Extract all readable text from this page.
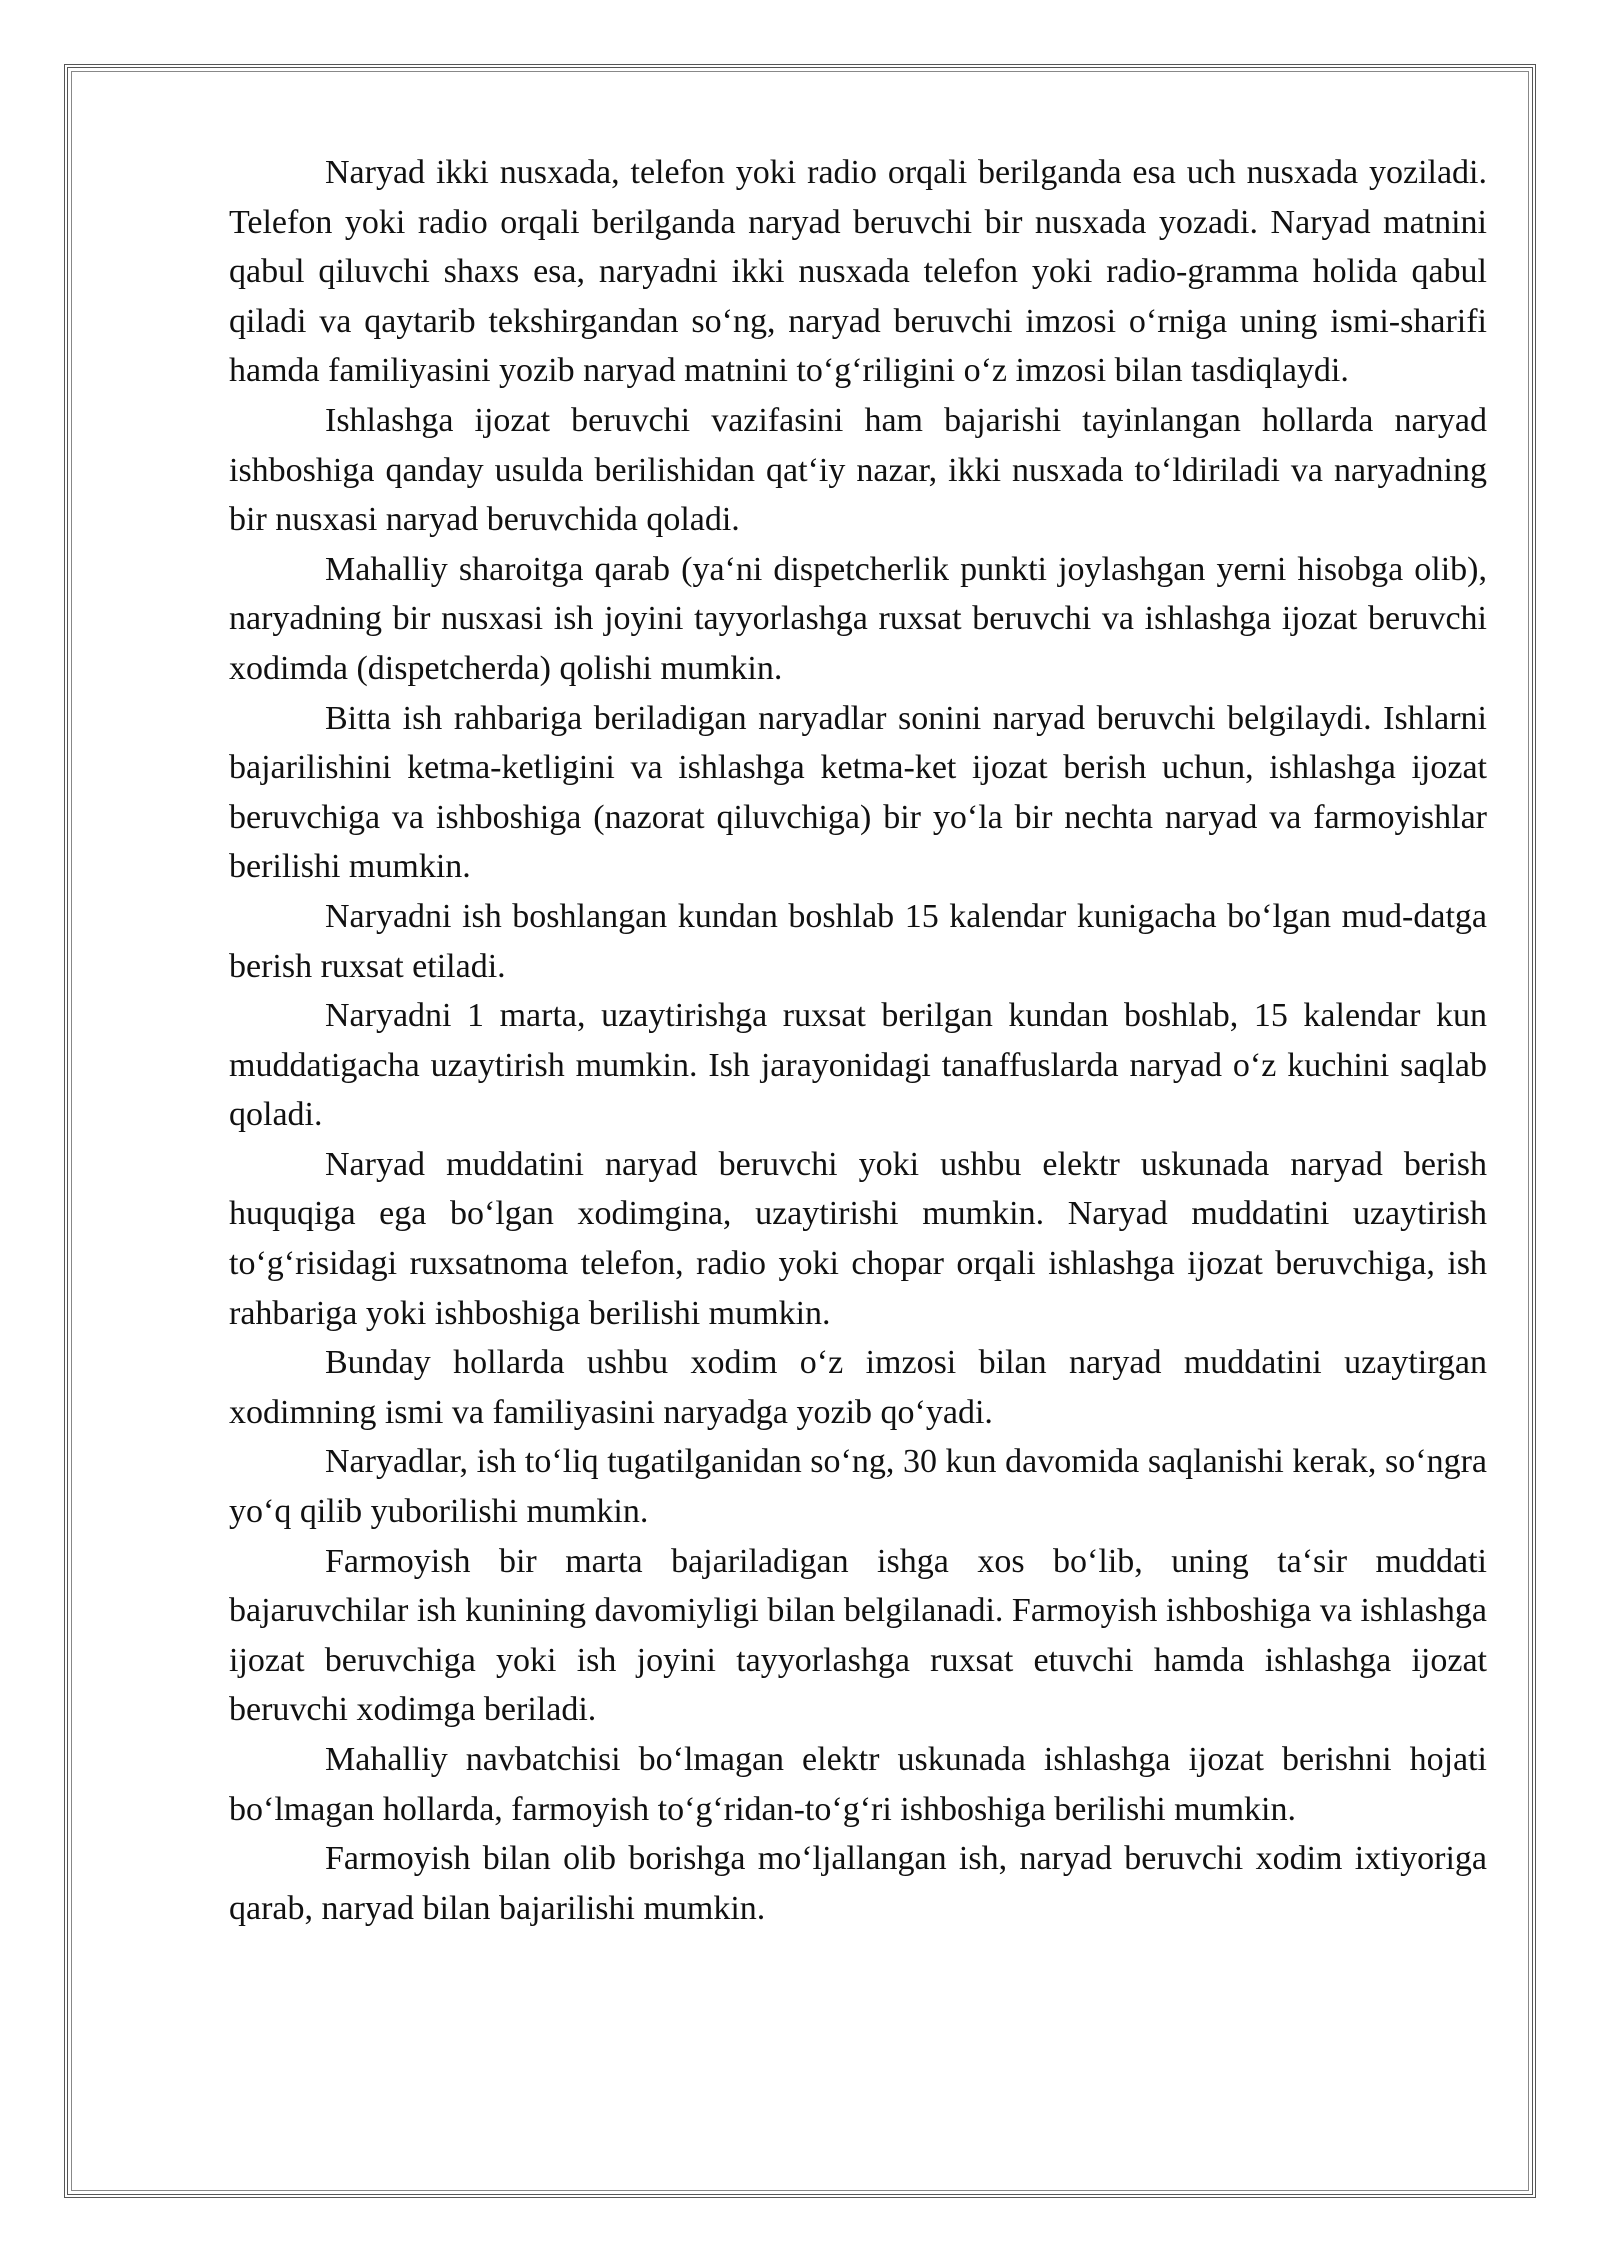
Naryad ikki nusxada, telefon yoki radio orqali berilganda esa uch nusxada yoziladi. Telefon yoki radio orqali berilganda naryad beruvchi bir nusxada yozadi. Naryad matnini qabul qiluvchi shaxs esa, naryadni ikki nusxada telefon yoki radio-gramma holida qabul qiladi va qaytarib tekshirgandan so‘ng, naryad beruvchi imzosi o‘rniga uning ismi-sharifi hamda familiyasini yozib naryad matnini to‘g‘riligini o‘z imzosi bilan tasdiqlaydi.

Ishlashga ijozat beruvchi vazifasini ham bajarishi tayinlangan hollarda naryad ishboshiga qanday usulda berilishidan qat‘iy nazar, ikki nusxada to‘ldiriladi va naryadning bir nusxasi naryad beruvchida qoladi.

Mahalliy sharoitga qarab (ya‘ni dispetcherlik punkti joylashgan yerni hisobga olib), naryadning bir nusxasi ish joyini tayyorlashga ruxsat beruvchi va ishlashga ijozat beruvchi xodimda (dispetcherda) qolishi mumkin.

Bitta ish rahbariga beriladigan naryadlar sonini naryad beruvchi belgilaydi. Ishlarni bajarilishini ketma-ketligini va ishlashga ketma-ket ijozat berish uchun, ishlashga ijozat beruvchiga va ishboshiga (nazorat qiluvchiga) bir yo‘la bir nechta naryad va farmoyishlar berilishi mumkin.

Naryadni ish boshlangan kundan boshlab 15 kalendar kunigacha bo‘lgan mud-datga berish ruxsat etiladi.

Naryadni 1 marta, uzaytirishga ruxsat berilgan kundan boshlab, 15 kalendar kun muddatigacha uzaytirish mumkin. Ish jarayonidagi tanaffuslarda naryad o‘z kuchini saqlab qoladi.

Naryad muddatini naryad beruvchi yoki ushbu elektr uskunada naryad berish huquqiga ega bo‘lgan xodimgina, uzaytirishi mumkin. Naryad muddatini uzaytirish to‘g‘risidagi ruxsatnoma telefon, radio yoki chopar orqali ishlashga ijozat beruvchiga, ish rahbariga yoki ishboshiga berilishi mumkin.

Bunday hollarda ushbu xodim o‘z imzosi bilan naryad muddatini uzaytirgan xodimning ismi va familiyasini naryadga yozib qo‘yadi.

Naryadlar, ish to‘liq tugatilganidan so‘ng, 30 kun davomida saqlanishi kerak, so‘ngra yo‘q qilib yuborilishi mumkin.

Farmoyish bir marta bajariladigan ishga xos bo‘lib, uning ta‘sir muddati bajaruvchilar ish kunining davomiyligi bilan belgilanadi. Farmoyish ishboshiga va ishlashga ijozat beruvchiga yoki ish joyini tayyorlashga ruxsat etuvchi hamda ishlashga ijozat beruvchi xodimga beriladi.

Mahalliy navbatchisi bo‘lmagan elektr uskunada ishlashga ijozat berishni hojati bo‘lmagan hollarda, farmoyish to‘g‘ridan-to‘g‘ri ishboshiga berilishi mumkin.

Farmoyish bilan olib borishga mo‘ljallangan ish, naryad beruvchi xodim ixtiyoriga qarab, naryad bilan bajarilishi mumkin.
